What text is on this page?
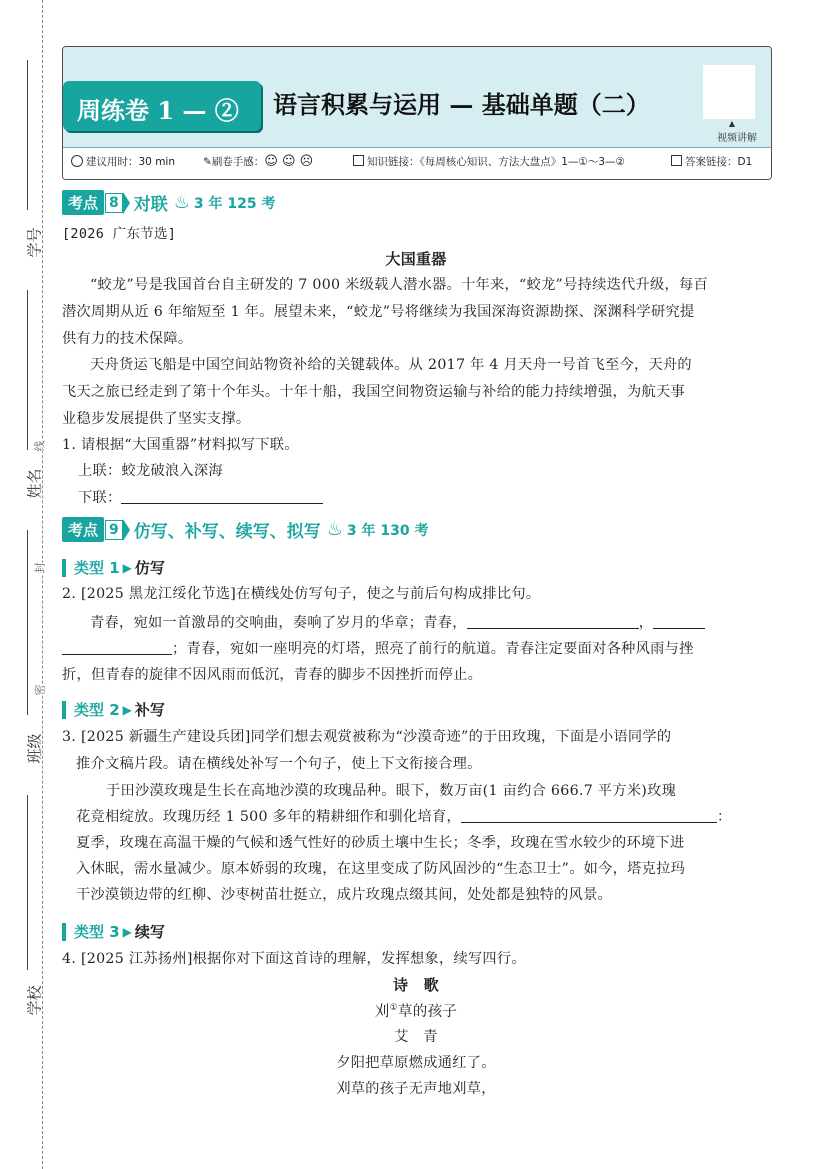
学号
姓名
班级
学校
线
封
密
周练卷 1 — ② 语言积累与运用 — 基础单题（二）
▲
视频讲解
建议用时：30 min	✎刷卷手感：☺ ☺ ☹	知识链接：《每周核心知识、方法大盘点》1—①～3—②	答案链接：D1
考点 8 对联 ♨ 3 年 125 考
[2026 广东节选]
大国重器
“蛟龙”号是我国首台自主研发的 7 000 米级载人潜水器。十年来，“蛟龙”号持续迭代升级，每百
潜次周期从近 6 年缩短至 1 年。展望未来，“蛟龙”号将继续为我国深海资源勘探、深渊科学研究提
供有力的技术保障。
天舟货运飞船是中国空间站物资补给的关键载体。从 2017 年 4 月天舟一号首飞至今，天舟的
飞天之旅已经走到了第十个年头。十年十船，我国空间物资运输与补给的能力持续增强，为航天事
业稳步发展提供了坚实支撑。
1. 请根据“大国重器”材料拟写下联。
上联：蛟龙破浪入深海
下联：
考点 9 仿写、补写、续写、拟写 ♨ 3 年 130 考
类型 1 ▶ 仿写
2. [2025 黑龙江绥化节选]在横线处仿写句子，使之与前后句构成排比句。
青春，宛如一首激昂的交响曲，奏响了岁月的华章；青春，	，
；青春，宛如一座明亮的灯塔，照亮了前行的航道。青春注定要面对各种风雨与挫
折，但青春的旋律不因风雨而低沉，青春的脚步不因挫折而停止。
类型 2 ▶ 补写
3. [2025 新疆生产建设兵团]同学们想去观赏被称为“沙漠奇迹”的于田玫瑰，下面是小语同学的
推介文稿片段。请在横线处补写一个句子，使上下文衔接合理。
于田沙漠玫瑰是生长在高地沙漠的玫瑰品种。眼下，数万亩(1 亩约合 666.7 平方米)玫瑰
花竞相绽放。玫瑰历经 1 500 多年的精耕细作和驯化培育，	：
夏季，玫瑰在高温干燥的气候和透气性好的砂质土壤中生长；冬季，玫瑰在雪水较少的环境下进
入休眠，需水量减少。原本娇弱的玫瑰，在这里变成了防风固沙的“生态卫士”。如今，塔克拉玛
干沙漠锁边带的红柳、沙枣树苗壮挺立，成片玫瑰点缀其间，处处都是独特的风景。
类型 3 ▶ 续写
4. [2025 江苏扬州]根据你对下面这首诗的理解，发挥想象，续写四行。
诗　歌
刈①草的孩子
艾　青
夕阳把草原燃成通红了。
刈草的孩子无声地刈草，
